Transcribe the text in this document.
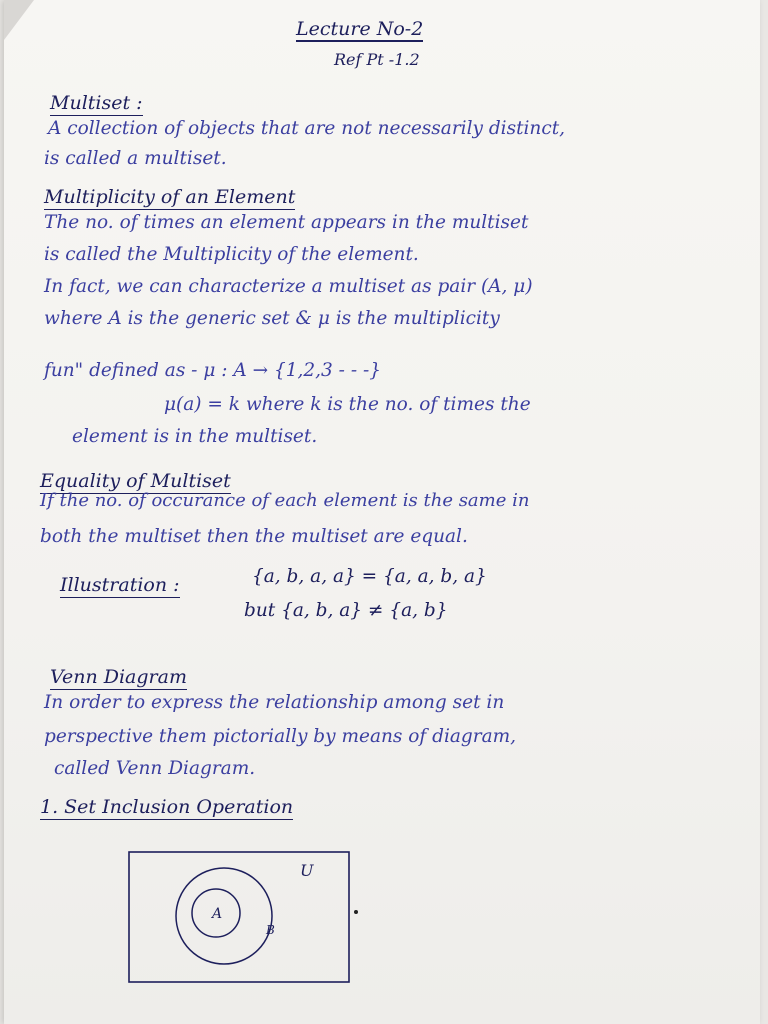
Lecture No-2
Ref Pt -1.2
Multiset :
A collection of objects that are not necessarily distinct,
is called a multiset.
Multiplicity of an Element
The no. of times an element appears in the multiset
is called the Multiplicity of the element.
In fact, we can characterize a multiset as pair (A, μ)
where A is the generic set & μ is the multiplicity
fun" defined as - μ : A → {1,2,3 - - -}
μ(a) = k where k is the no. of times the
element is in the multiset.
Equality of Multiset
If the no. of occurance of each element is the same in
both the multiset then the multiset are equal.
Illustration :	{a, b, a, a} = {a, a, b, a}
but {a, b, a} ≠ {a, b}
Venn Diagram
In order to express the relationship among set in
perspective them pictorially by means of diagram,
called Venn Diagram.
1. Set Inclusion Operation
U
A
B
